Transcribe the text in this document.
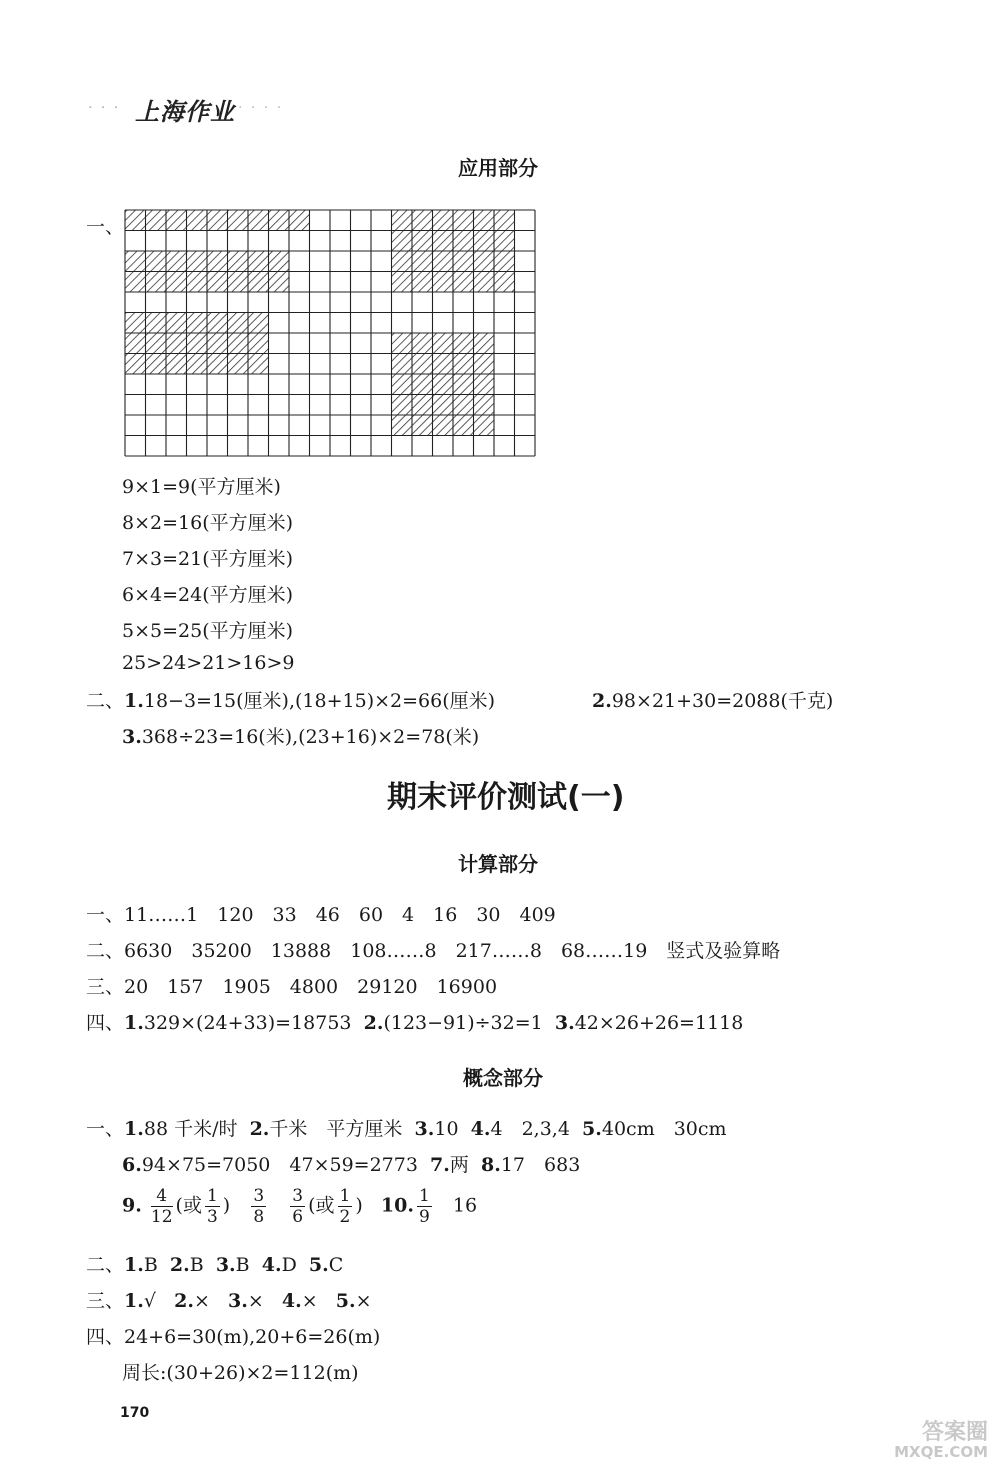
· · · 上海作业 · · · ·
应用部分
一、
9×1=9(平方厘米)
8×2=16(平方厘米)
7×3=21(平方厘米)
6×4=24(平方厘米)
5×5=25(平方厘米)
25>24>21>16>9
二、1.18−3=15(厘米),(18+15)×2=66(厘米)	2.98×21+30=2088(千克)
3.368÷23=16(米),(23+16)×2=78(米)
期末评价测试(一)
计算部分
一、11……1　120　33　46　60　4　16　30　409
二、6630　35200　13888　108……8　217……8　68……19　竖式及验算略
三、20　157　1905　4800　29120　16900
四、1.329×(24+33)=18753 2.(123−91)÷32=1 3.42×26+26=1118
概念部分
一、1.88 千米/时 2.千米　平方厘米 3.10 4.4　2,3,4 5.40cm　30cm
6.94×75=7050　47×59=2773 7.两 8.17　683
9. $\frac{4}{12}$ (或 $\frac{1}{3}$ ) $\frac{3}{8}$
$\frac{3}{6}$ (或 $\frac{1}{2}$ ) 10. $\frac{1}{9} 16$
二、1.B 2.B 3.B 4.D 5.C
三、1.√ 2.× 3.× 4.× 5.×
四、24+6=30(m),20+6=26(m)
周长:(30+26)×2=112(m)
170
答案圈
MXQE.COM
